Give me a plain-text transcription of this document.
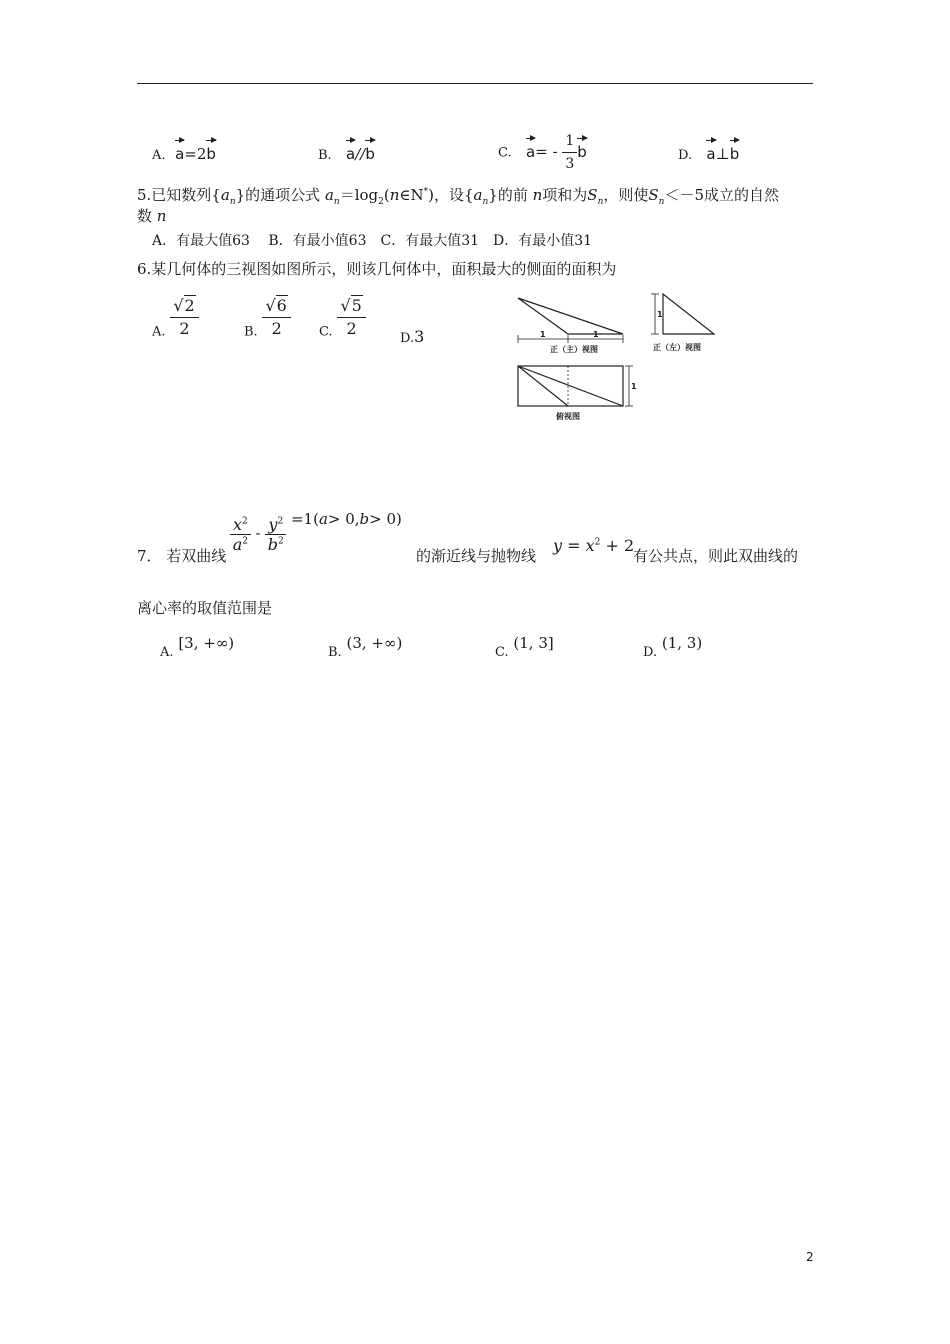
A. a=2b	B. a//b	C. $a= - \frac{1}{3}$ b	D. a⊥b
5.已知数列$\{a_n\}$的通项公式 $a_n=\log_2(n\in N^*)$，设$\{a_n\}$的前 n项和为$S_n$，则使$S_n<-5$成立的自然
数 n
A．有最大值63　 B．有最小值63　C．有最大值31　D．有最小值31
6.某几何体的三视图如图所示，则该几何体中，面积最大的侧面的面积为
A. $\frac{√2}{2}$	B. $\frac{√6}{2} C$. $\frac{√5}{2}$	D.3	1	1
正（主）视图
1
正（左）视图
1
俯视图
7． 若双曲线
$\frac{x^2}{a^2} - \frac{y^2}{b^2} =1(a> 0,b> 0)$
的渐近线与抛物线
$y = x^2 + 2$
有公共点，则此双曲线的
离心率的取值范围是
A. [3, +∞)
B. (3, +∞)
C. (1, 3]
D. (1, 3)
2
